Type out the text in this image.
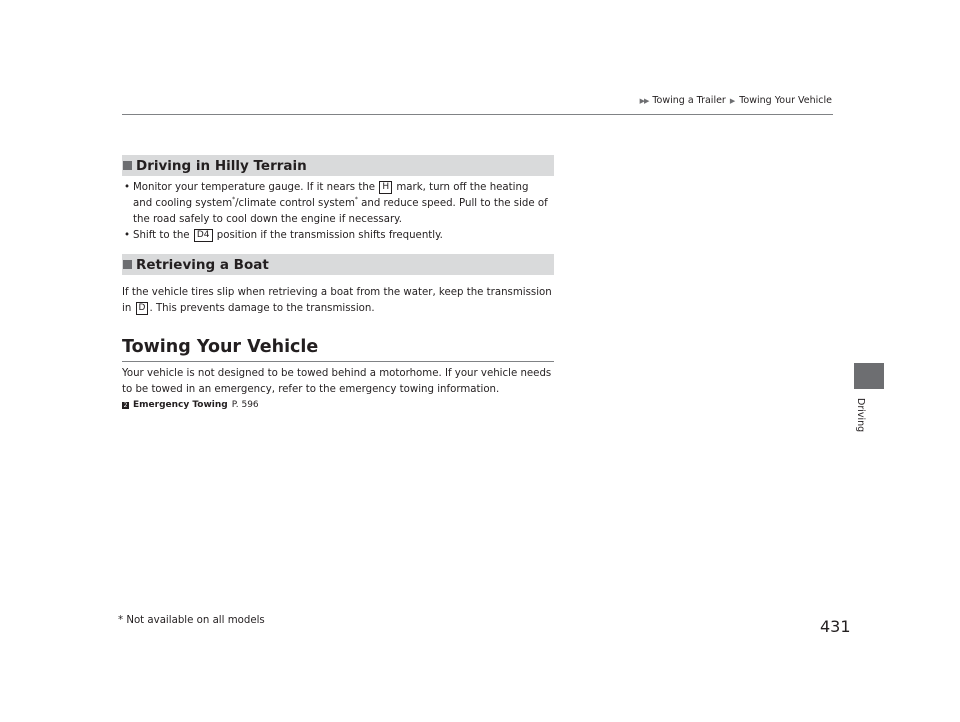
▶▶ Towing a Trailer ▶ Towing Your Vehicle
Driving
Driving in Hilly Terrain
• Monitor your temperature gauge. If it nears the H mark, turn off the heating
and cooling system*/climate control system* and reduce speed. Pull to the side of
the road safely to cool down the engine if necessary.
• Shift to the D4 position if the transmission shifts frequently.
Retrieving a Boat

If the vehicle tires slip when retrieving a boat from the water, keep the transmission
in D . This prevents damage to the transmission.

Towing Your Vehicle

Your vehicle is not designed to be towed behind a motorhome. If your vehicle needs
to be towed in an emergency, refer to the emergency towing information.

2 Emergency Towing P. 596
* Not available on all models	431
